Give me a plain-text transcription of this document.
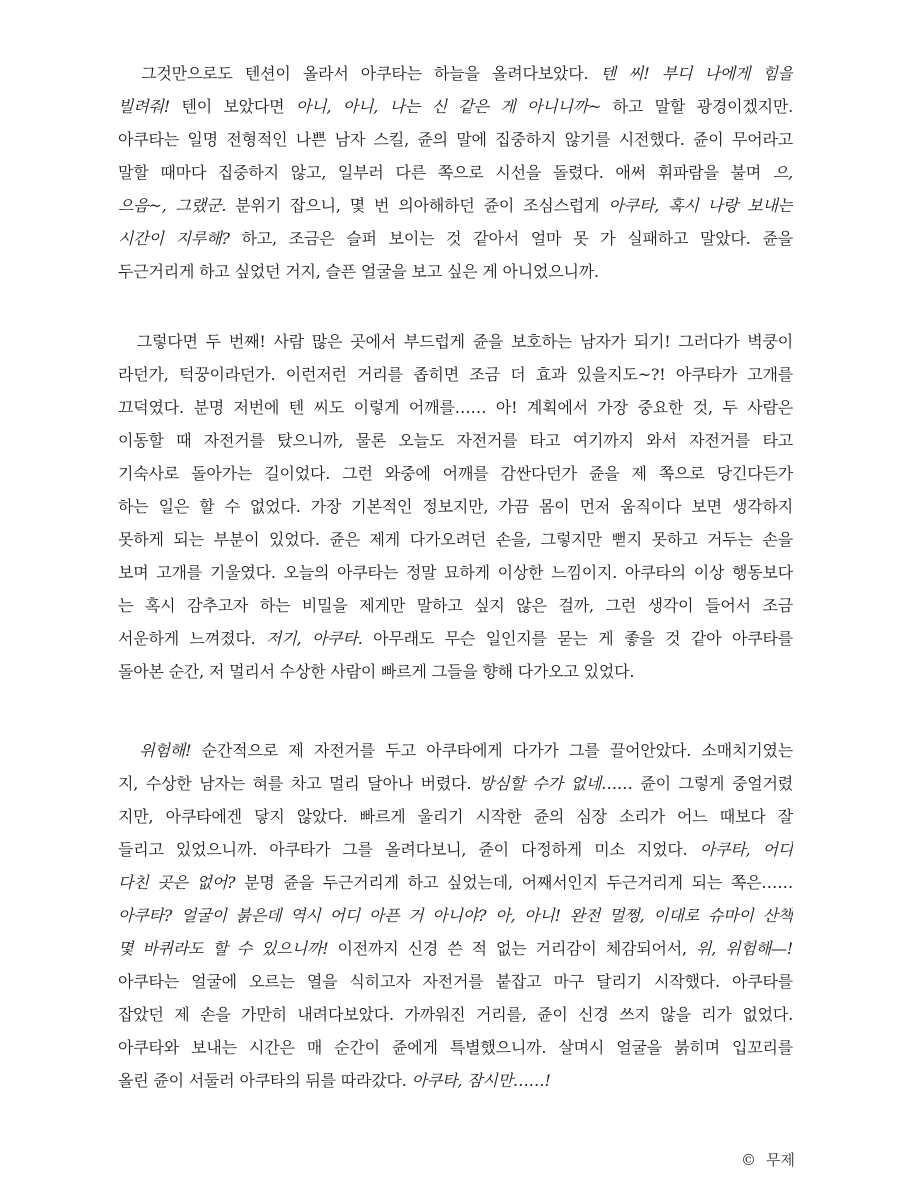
　그것만으로도 텐션이 올라서 아쿠타는 하늘을 올려다보았다. 텐 씨! 부디 나에게 힘을
빌려줘! 텐이 보았다면 아니, 아니, 나는 신 같은 게 아니니까~ 하고 말할 광경이겠지만.
아쿠타는 일명 전형적인 나쁜 남자 스킬, 쥰의 말에 집중하지 않기를 시전했다. 쥰이 무어라고
말할 때마다 집중하지 않고, 일부러 다른 쪽으로 시선을 돌렸다. 애써 휘파람을 불며 으,
으음~, 그랬군. 분위기 잡으니, 몇 번 의아해하던 쥰이 조심스럽게 아쿠타, 혹시 나랑 보내는
시간이 지루해? 하고, 조금은 슬퍼 보이는 것 같아서 얼마 못 가 실패하고 말았다. 쥰을
두근거리게 하고 싶었던 거지, 슬픈 얼굴을 보고 싶은 게 아니었으니까.
　그렇다면 두 번째! 사람 많은 곳에서 부드럽게 쥰을 보호하는 남자가 되기! 그러다가 벽쿵이
라던가, 턱꿍이라던가. 이런저런 거리를 좁히면 조금 더 효과 있을지도~?! 아쿠타가 고개를
끄덕였다. 분명 저번에 텐 씨도 이렇게 어깨를…… 아! 계획에서 가장 중요한 것, 두 사람은
이동할 때 자전거를 탔으니까, 물론 오늘도 자전거를 타고 여기까지 와서 자전거를 타고
기숙사로 돌아가는 길이었다. 그런 와중에 어깨를 감싼다던가 쥰을 제 쪽으로 당긴다든가
하는 일은 할 수 없었다. 가장 기본적인 정보지만, 가끔 몸이 먼저 움직이다 보면 생각하지
못하게 되는 부분이 있었다. 쥰은 제게 다가오려던 손을, 그렇지만 뻗지 못하고 거두는 손을
보며 고개를 기울였다. 오늘의 아쿠타는 정말 묘하게 이상한 느낌이지. 아쿠타의 이상 행동보다
는 혹시 감추고자 하는 비밀을 제게만 말하고 싶지 않은 걸까, 그런 생각이 들어서 조금
서운하게 느껴졌다. 저기, 아쿠타. 아무래도 무슨 일인지를 묻는 게 좋을 것 같아 아쿠타를
돌아본 순간, 저 멀리서 수상한 사람이 빠르게 그들을 향해 다가오고 있었다.
　위험해! 순간적으로 제 자전거를 두고 아쿠타에게 다가가 그를 끌어안았다. 소매치기였는
지, 수상한 남자는 혀를 차고 멀리 달아나 버렸다. 방심할 수가 없네…… 쥰이 그렇게 중얼거렸
지만, 아쿠타에겐 닿지 않았다. 빠르게 울리기 시작한 쥰의 심장 소리가 어느 때보다 잘
들리고 있었으니까. 아쿠타가 그를 올려다보니, 쥰이 다정하게 미소 지었다. 아쿠타, 어디
다친 곳은 없어? 분명 쥰을 두근거리게 하고 싶었는데, 어째서인지 두근거리게 되는 쪽은……
아쿠타? 얼굴이 붉은데 역시 어디 아픈 거 아니야? 아, 아니! 완전 멀쩡, 이대로 슈마이 산책
몇 바퀴라도 할 수 있으니까! 이전까지 신경 쓴 적 없는 거리감이 체감되어서, 위, 위험해—!
아쿠타는 얼굴에 오르는 열을 식히고자 자전거를 붙잡고 마구 달리기 시작했다. 아쿠타를
잡았던 제 손을 가만히 내려다보았다. 가까워진 거리를, 쥰이 신경 쓰지 않을 리가 없었다.
아쿠타와 보내는 시간은 매 순간이 쥰에게 특별했으니까. 살며시 얼굴을 붉히며 입꼬리를
올린 쥰이 서둘러 아쿠타의 뒤를 따라갔다. 아쿠타, 잠시만……!
© 무제
